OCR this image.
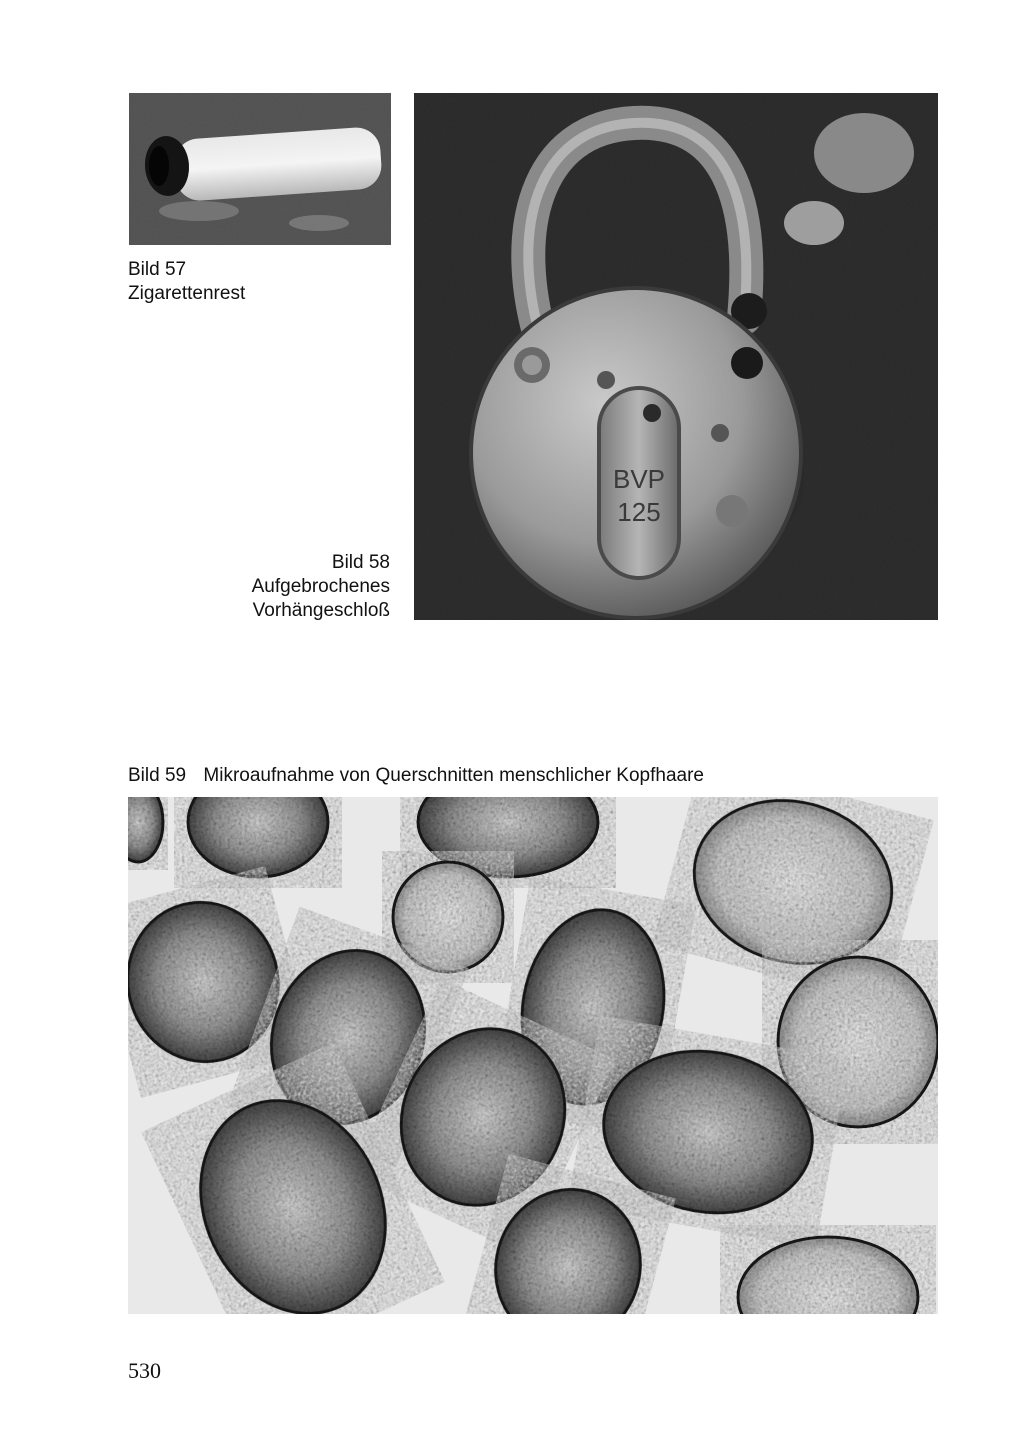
Bild 57
Zigarettenrest
BVP
125
Bild 58
Aufgebrochenes
Vorhängeschloß
Bild 59 Mikroaufnahme von Querschnitten menschlicher Kopfhaare
530
